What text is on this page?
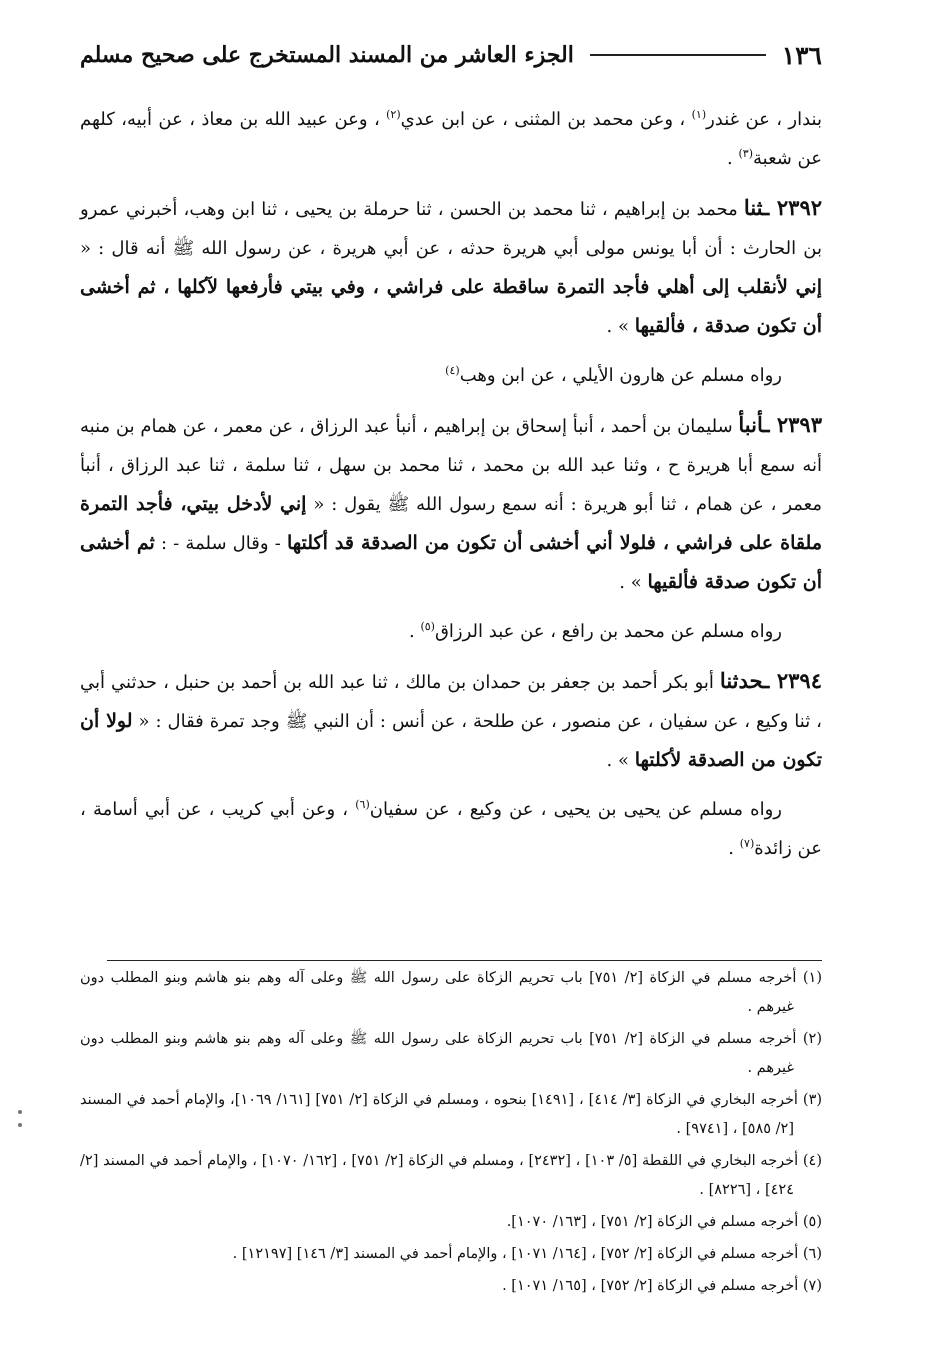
١٣٦
الجزء العاشر من المسند المستخرج على صحيح مسلم

بندار ، عن غندر$^{(١)}$ ، وعن محمد بن المثنى ، عن ابن عدي$^{(٢)}$ ، وعن عبيد الله بن معاذ ، عن أبيه، كلهم عن شعبة$^{(٣)}$ .

٢٣٩٢ ـثنا محمد بن إبراهيم ، ثنا محمد بن الحسن ، ثنا حرملة بن يحيى ، ثنا ابن وهب، أخبرني عمرو بن الحارث : أن أبا يونس مولى أبي هريرة حدثه ، عن أبي هريرة ، عن رسول الله ﷺ أنه قال : « إني لأنقلب إلى أهلي فأجد التمرة ساقطة على فراشي ، وفي بيتي فأرفعها لآكلها ، ثم أخشى أن تكون صدقة ، فألقيها » .

رواه مسلم عن هارون الأيلي ، عن ابن وهب$^{(٤)}$

٢٣٩٣ ـأنبأ سليمان بن أحمد ، أنبأ إسحاق بن إبراهيم ، أنبأ عبد الرزاق ، عن معمر ، عن همام بن منبه أنه سمع أبا هريرة ح ، وثنا عبد الله بن محمد ، ثنا محمد بن سهل ، ثنا سلمة ، ثنا عبد الرزاق ، أنبأ معمر ، عن همام ، ثنا أبو هريرة : أنه سمع رسول الله ﷺ يقول : « إني لأدخل بيتي، فأجد التمرة ملقاة على فراشي ، فلولا أني أخشى أن تكون من الصدقة قد أكلتها - وقال سلمة - : ثم أخشى أن تكون صدقة فألقيها » .

رواه مسلم عن محمد بن رافع ، عن عبد الرزاق$^{(٥)}$ .

٢٣٩٤ ـحدثنا أبو بكر أحمد بن جعفر بن حمدان بن مالك ، ثنا عبد الله بن أحمد بن حنبل ، حدثني أبي ، ثنا وكيع ، عن سفيان ، عن منصور ، عن طلحة ، عن أنس : أن النبي ﷺ وجد تمرة فقال : « لولا أن تكون من الصدقة لأكلتها » .

رواه مسلم عن يحيى بن يحيى ، عن وكيع ، عن سفيان$^{(٦)}$ ، وعن أبي كريب ، عن أبي أسامة ، عن زائدة$^{(٧)}$ .

(١) أخرجه مسلم في الزكاة [٢/ ٧٥١] باب تحريم الزكاة على رسول الله ﷺ وعلى آله وهم بنو هاشم وبنو المطلب دون غيرهم .

(٢) أخرجه مسلم في الزكاة [٢/ ٧٥١] باب تحريم الزكاة على رسول الله ﷺ وعلى آله وهم بنو هاشم وبنو المطلب دون غيرهم .

(٣) أخرجه البخاري في الزكاة [٣/ ٤١٤] ، [١٤٩١] بنحوه ، ومسلم في الزكاة [٢/ ٧٥١] [١٦١/ ١٠٦٩]، والإمام أحمد في المسند [٢/ ٥٨٥] ، [٩٧٤١] .

(٤) أخرجه البخاري في اللقطة [٥/ ١٠٣] ، [٢٤٣٢] ، ومسلم في الزكاة [٢/ ٧٥١] ، [١٦٢/ ١٠٧٠] ، والإمام أحمد في المسند [٢/ ٤٢٤] ، [٨٢٢٦] .

(٥) أخرجه مسلم في الزكاة [٢/ ٧٥١] ، [١٦٣/ ١٠٧٠].

(٦) أخرجه مسلم في الزكاة [٢/ ٧٥٢] ، [١٦٤/ ١٠٧١] ، والإمام أحمد في المسند [٣/ ١٤٦] [١٢١٩٧] .

(٧) أخرجه مسلم في الزكاة [٢/ ٧٥٢] ، [١٦٥/ ١٠٧١] .
